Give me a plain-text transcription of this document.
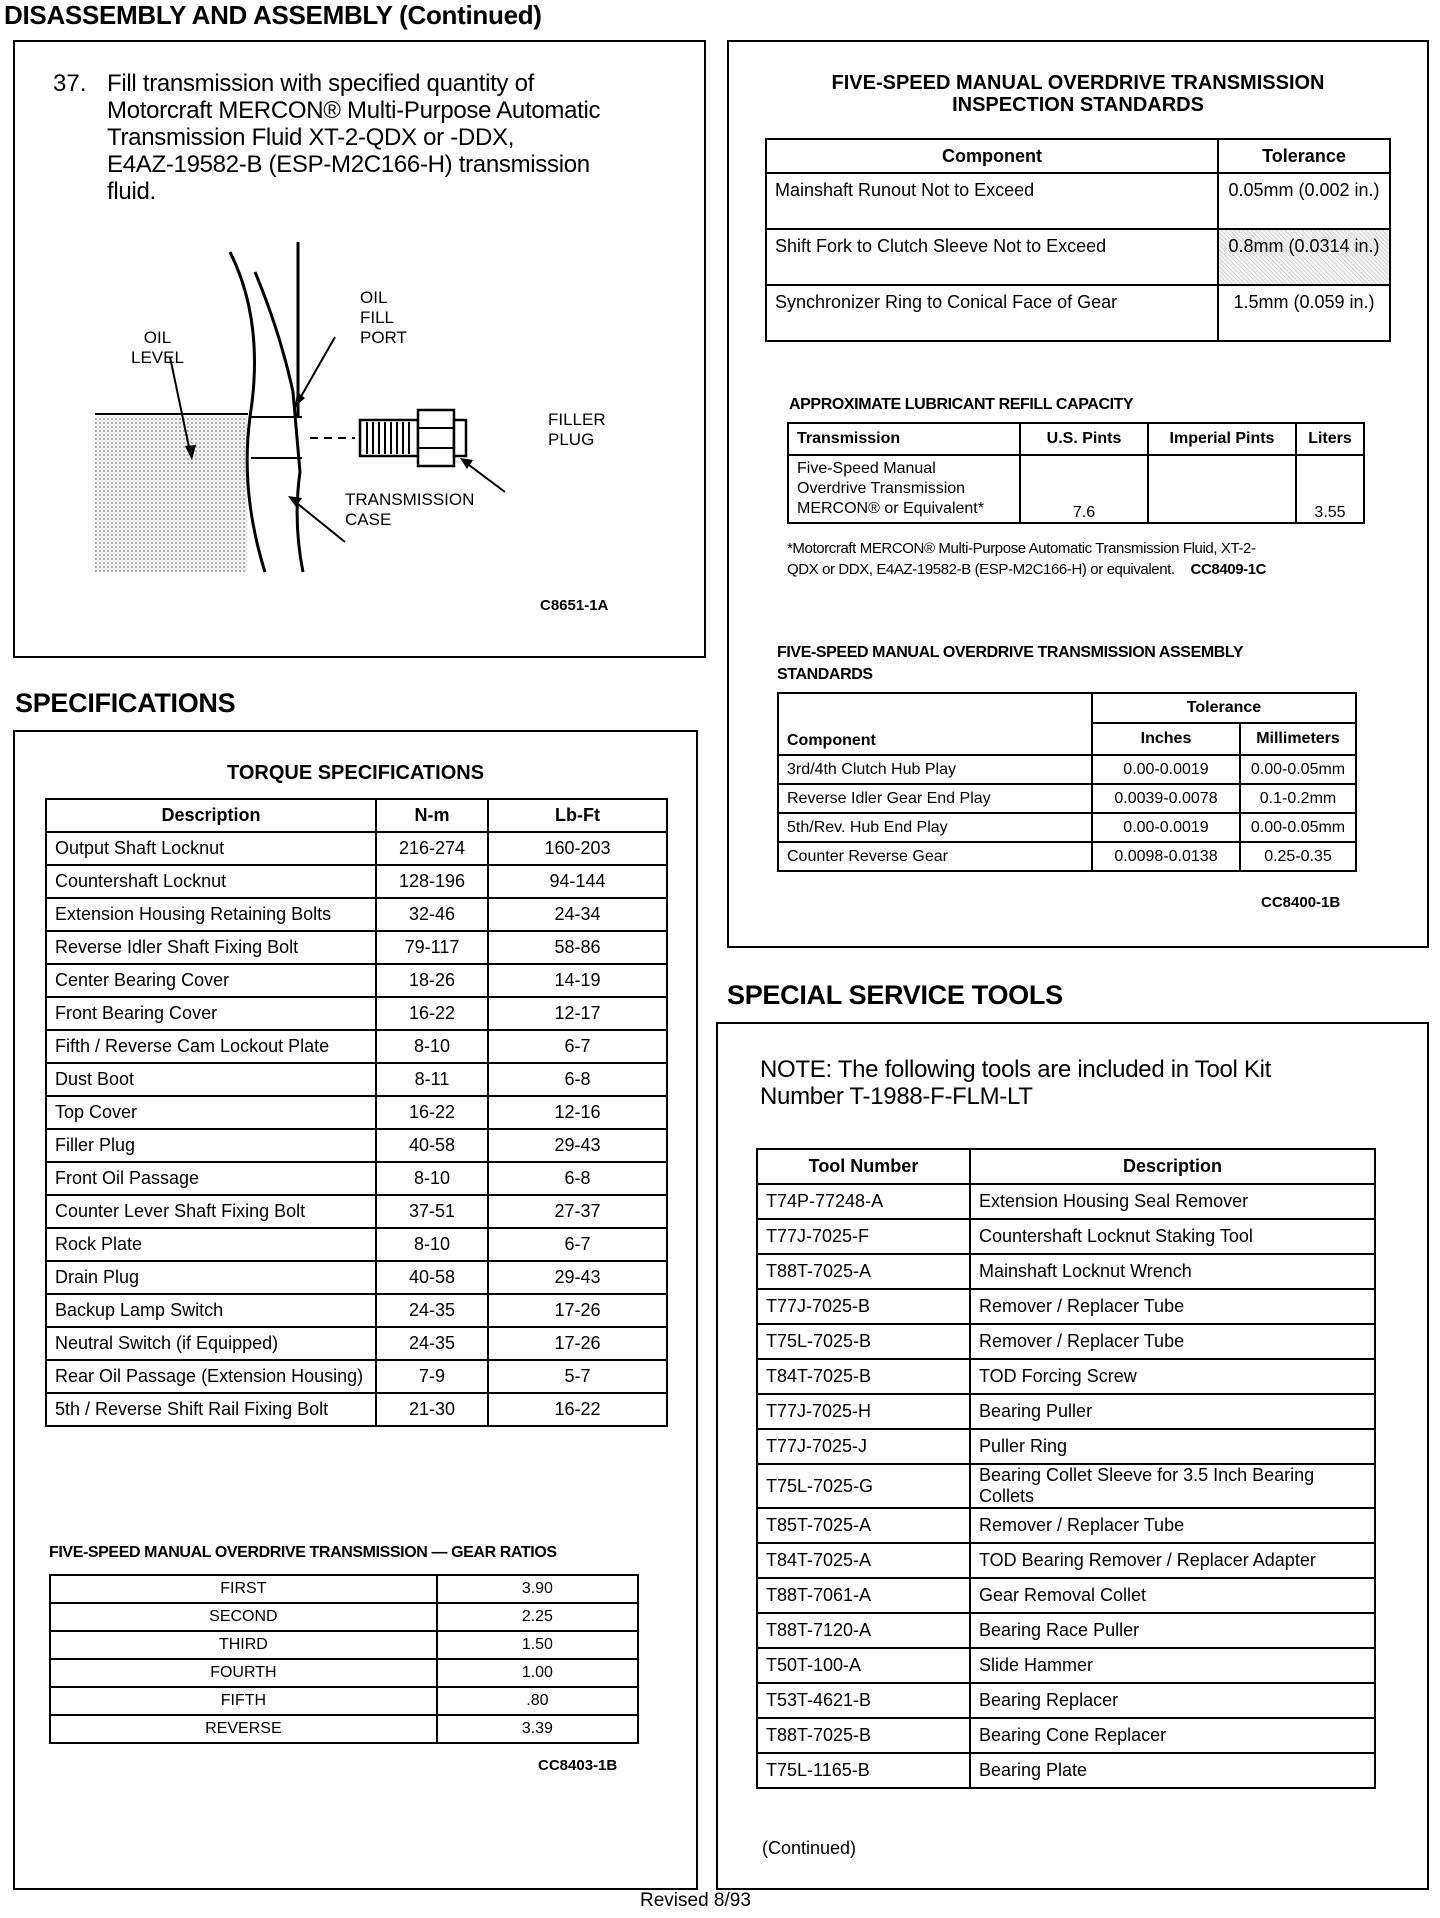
DISASSEMBLY AND ASSEMBLY (Continued)
37. Fill transmission with specified quantity of
Motorcraft MERCON® Multi-Purpose Automatic
Transmission Fluid XT-2-QDX or -DDX,
E4AZ-19582-B (ESP-M2C166-H) transmission
fluid.
OIL
FILL
PORT
OIL
LEVEL
FILLER
PLUG
TRANSMISSION
CASE
C8651-1A
SPECIFICATIONS
TORQUE SPECIFICATIONS
Description	N-m	Lb-Ft
Output Shaft Locknut	216-274	160-203
Countershaft Locknut	128-196	94-144
Extension Housing Retaining Bolts	32-46	24-34
Reverse Idler Shaft Fixing Bolt	79-117	58-86
Center Bearing Cover	18-26	14-19
Front Bearing Cover	16-22	12-17
Fifth / Reverse Cam Lockout Plate	8-10	6-7
Dust Boot	8-11	6-8
Top Cover	16-22	12-16
Filler Plug	40-58	29-43
Front Oil Passage	8-10	6-8
Counter Lever Shaft Fixing Bolt	37-51	27-37
Rock Plate	8-10	6-7
Drain Plug	40-58	29-43
Backup Lamp Switch	24-35	17-26
Neutral Switch (if Equipped)	24-35	17-26
Rear Oil Passage (Extension Housing)	7-9	5-7
5th / Reverse Shift Rail Fixing Bolt	21-30	16-22
FIVE-SPEED MANUAL OVERDRIVE TRANSMISSION — GEAR RATIOS
FIRST	3.90
SECOND	2.25
THIRD	1.50
FOURTH	1.00
FIFTH	.80
REVERSE	3.39
CC8403-1B
FIVE-SPEED MANUAL OVERDRIVE TRANSMISSION
INSPECTION STANDARDS
Component	Tolerance
Mainshaft Runout Not to Exceed	0.05mm (0.002 in.)
Shift Fork to Clutch Sleeve Not to Exceed	0.8mm (0.0314 in.)
Synchronizer Ring to Conical Face of Gear	1.5mm (0.059 in.)
APPROXIMATE LUBRICANT REFILL CAPACITY
Transmission	U.S. Pints	Imperial Pints	Liters

Five-Speed Manual
Overdrive Transmission
MERCON® or Equivalent*	7.6		3.55
*Motorcraft MERCON® Multi-Purpose Automatic Transmission Fluid, XT-2-
QDX or DDX, E4AZ-19582-B (ESP-M2C166-H) or equivalent. CC8409-1C
FIVE-SPEED MANUAL OVERDRIVE TRANSMISSION ASSEMBLY
STANDARDS
Component	Tolerance	
	Inches	Millimeters
3rd/4th Clutch Hub Play	0.00-0.0019	0.00-0.05mm
Reverse Idler Gear End Play	0.0039-0.0078	0.1-0.2mm
5th/Rev. Hub End Play	0.00-0.0019	0.00-0.05mm
Counter Reverse Gear	0.0098-0.0138	0.25-0.35
CC8400-1B
SPECIAL SERVICE TOOLS
NOTE: The following tools are included in Tool Kit
Number T-1988-F-FLM-LT
Tool Number	Description
T74P-77248-A	Extension Housing Seal Remover
T77J-7025-F	Countershaft Locknut Staking Tool
T88T-7025-A	Mainshaft Locknut Wrench
T77J-7025-B	Remover / Replacer Tube
T75L-7025-B	Remover / Replacer Tube
T84T-7025-B	TOD Forcing Screw
T77J-7025-H	Bearing Puller
T77J-7025-J	Puller Ring
T75L-7025-G	Bearing Collet Sleeve for 3.5 Inch Bearing Collets
T85T-7025-A	Remover / Replacer Tube
T84T-7025-A	TOD Bearing Remover / Replacer Adapter
T88T-7061-A	Gear Removal Collet
T88T-7120-A	Bearing Race Puller
T50T-100-A	Slide Hammer
T53T-4621-B	Bearing Replacer
T88T-7025-B	Bearing Cone Replacer
T75L-1165-B	Bearing Plate
(Continued)
Revised 8/93
